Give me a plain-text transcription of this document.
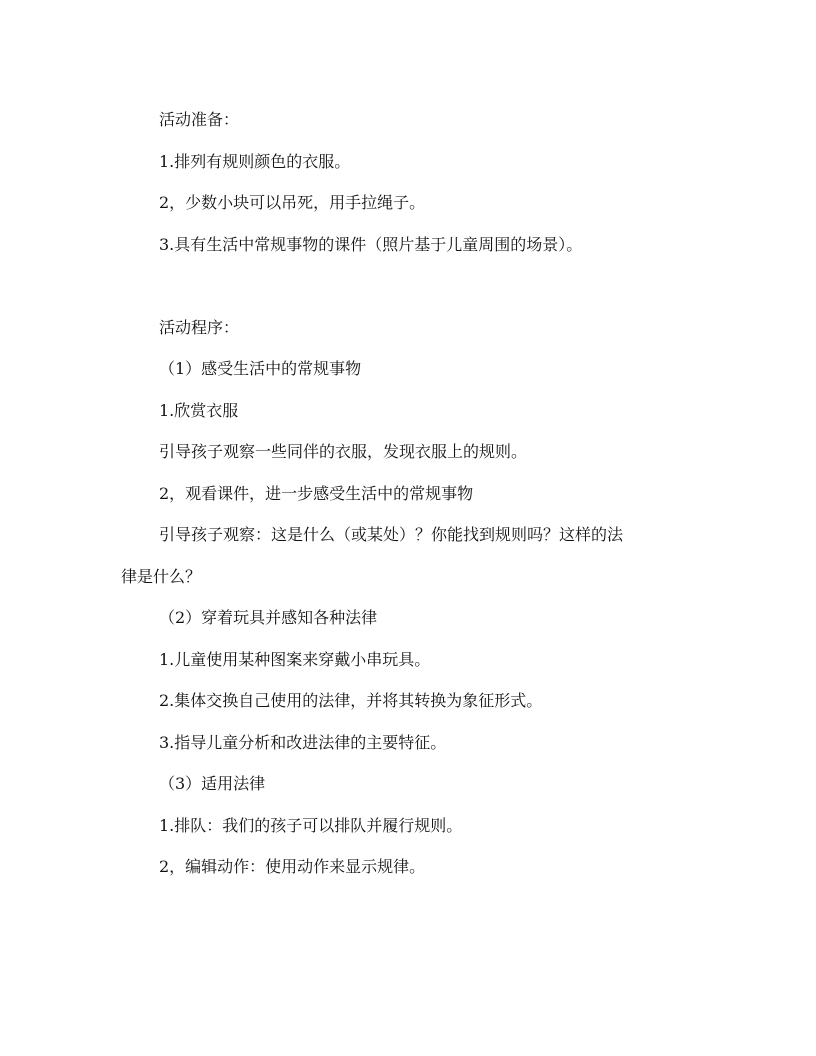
活动准备：
1.排列有规则颜色的衣服。
2，少数小块可以吊死，用手拉绳子。
3.具有生活中常规事物的课件（照片基于儿童周围的场景）。
活动程序：
（1）感受生活中的常规事物
1.欣赏衣服
引导孩子观察一些同伴的衣服，发现衣服上的规则。
2，观看课件，进一步感受生活中的常规事物
引导孩子观察：这是什么（或某处）？你能找到规则吗？这样的法
律是什么？
（2）穿着玩具并感知各种法律
1.儿童使用某种图案来穿戴小串玩具。
2.集体交换自己使用的法律，并将其转换为象征形式。
3.指导儿童分析和改进法律的主要特征。
（3）适用法律
1.排队：我们的孩子可以排队并履行规则。
2，编辑动作：使用动作来显示规律。
